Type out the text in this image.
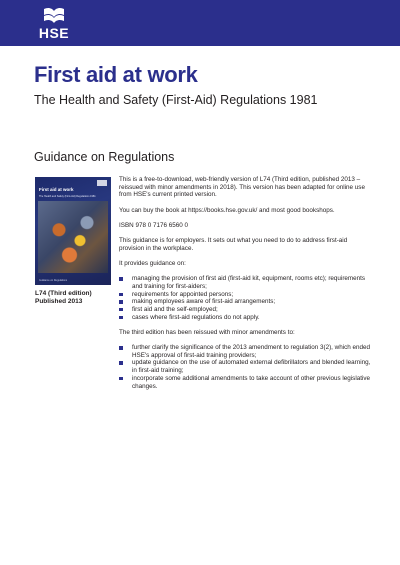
HSE
First aid at work
The Health and Safety (First-Aid) Regulations 1981
Guidance on Regulations
First aid at work
The Health and Safety (First-Aid) Regulations 1981
Guidance on Regulations
L74 (Third edition)
Published 2013

This is a free-to-download, web-friendly version of L74 (Third edition, published 2013 – reissued with minor amendments in 2018). This version has been adapted for online use from HSE's current printed version.

You can buy the book at https://books.hse.gov.uk/ and most good bookshops.

ISBN 978 0 7176 6560 0

This guidance is for employers. It sets out what you need to do to address first-aid provision in the workplace.

It provides guidance on:

managing the provision of first aid (first-aid kit, equipment, rooms etc); requirements and training for first-aiders;
requirements for appointed persons;
making employees aware of first-aid arrangements;
first aid and the self-employed;
cases where first-aid regulations do not apply.

The third edition has been reissued with minor amendments to:

further clarify the significance of the 2013 amendment to regulation 3(2), which ended HSE's approval of first-aid training providers;
update guidance on the use of automated external defibrillators and blended learning, in first-aid training;
incorporate some additional amendments to take account of other previous legislative changes.
